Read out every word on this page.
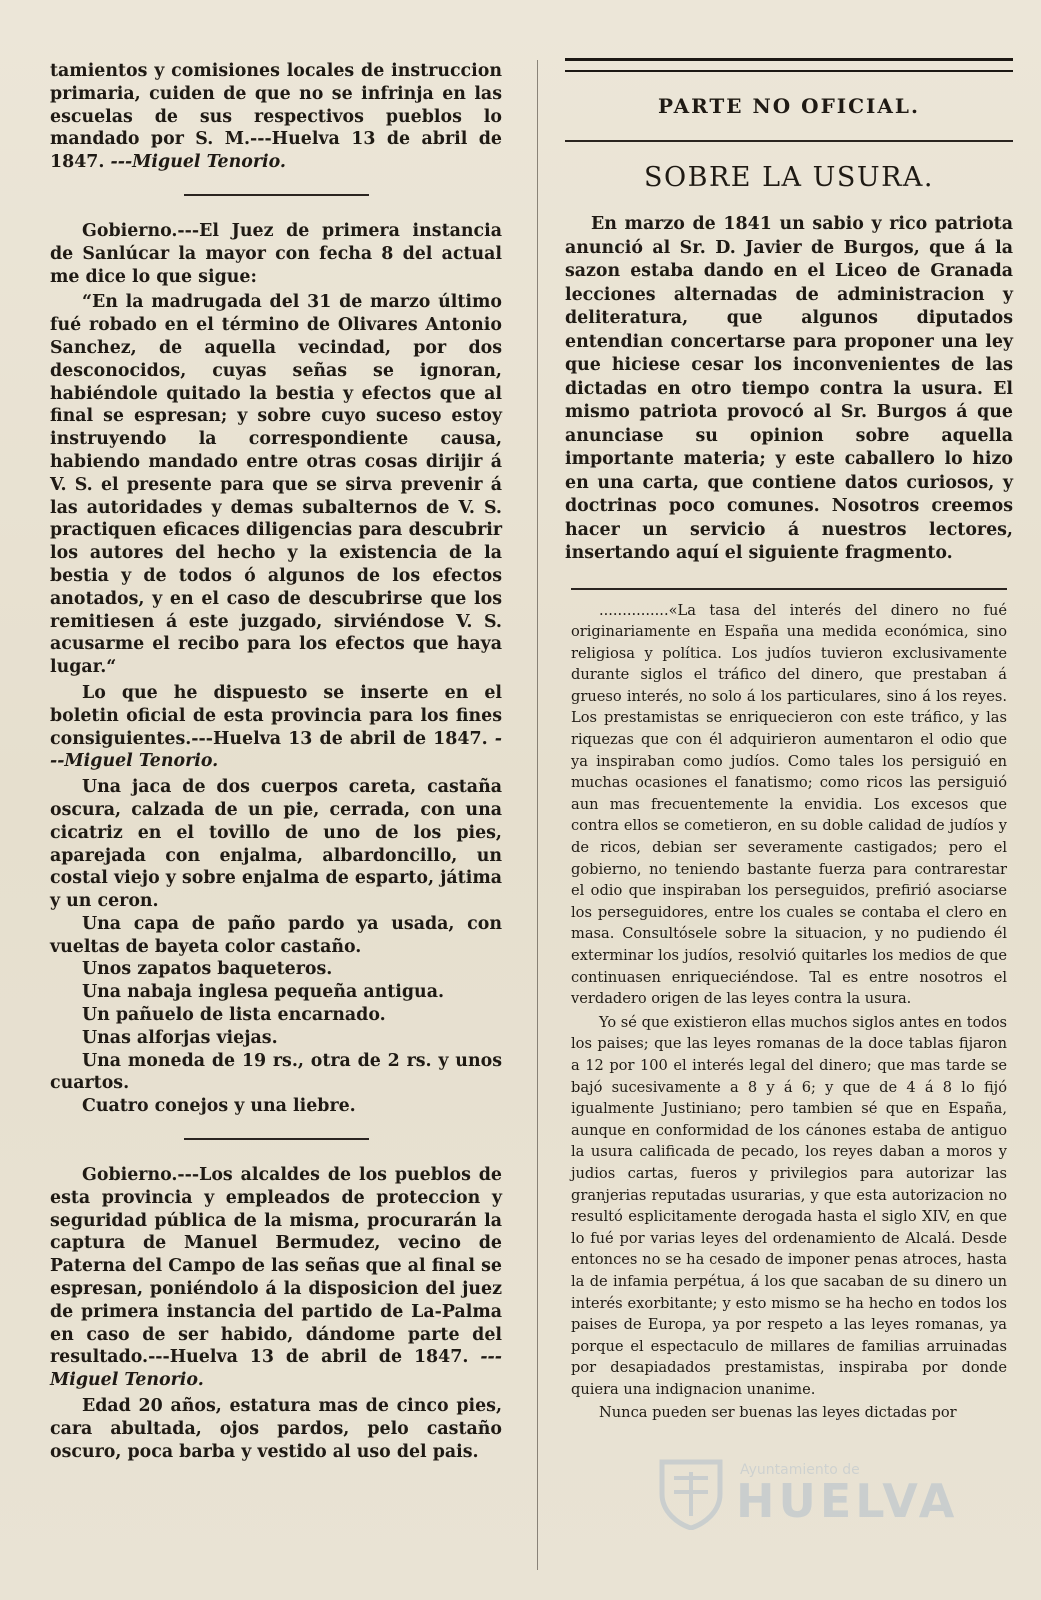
tamientos y comisiones locales de instruccion primaria, cuiden de que no se infrinja en las escuelas de sus respectivos pueblos lo mandado por S. M.---Huelva 13 de abril de 1847. ---Miguel Tenorio.

Gobierno.---El Juez de primera instancia de Sanlúcar la mayor con fecha 8 del actual me dice lo que sigue:

“En la madrugada del 31 de marzo último fué robado en el término de Olivares Antonio Sanchez, de aquella vecindad, por dos desconocidos, cuyas señas se ignoran, habiéndole quitado la bestia y efectos que al final se espresan; y sobre cuyo suceso estoy instruyendo la correspondiente causa, habiendo mandado entre otras cosas dirijir á V. S. el presente para que se sirva prevenir á las autoridades y demas subalternos de V. S. practiquen eficaces diligencias para descubrir los autores del hecho y la existencia de la bestia y de todos ó algunos de los efectos anotados, y en el caso de descubrirse que los remitiesen á este juzgado, sirviéndose V. S. acusarme el recibo para los efectos que haya lugar.“

Lo que he dispuesto se inserte en el boletin oficial de esta provincia para los fines consiguientes.---Huelva 13 de abril de 1847. ---Miguel Tenorio.

Una jaca de dos cuerpos careta, castaña oscura, calzada de un pie, cerrada, con una cicatriz en el tovillo de uno de los pies, aparejada con enjalma, albardoncillo, un costal viejo y sobre enjalma de esparto, játima y un ceron.

Una capa de paño pardo ya usada, con vueltas de bayeta color castaño.

Unos zapatos baqueteros.

Una nabaja inglesa pequeña antigua.

Un pañuelo de lista encarnado.

Unas alforjas viejas.

Una moneda de 19 rs., otra de 2 rs. y unos cuartos.

Cuatro conejos y una liebre.

Gobierno.---Los alcaldes de los pueblos de esta provincia y empleados de proteccion y seguridad pública de la misma, procurarán la captura de Manuel Bermudez, vecino de Paterna del Campo de las señas que al final se espresan, poniéndolo á la disposicion del juez de primera instancia del partido de La-Palma en caso de ser habido, dándome parte del resultado.---Huelva 13 de abril de 1847. ---Miguel Tenorio.

Edad 20 años, estatura mas de cinco pies, cara abultada, ojos pardos, pelo castaño oscuro, poca barba y vestido al uso del pais.

PARTE NO OFICIAL.
SOBRE LA USURA.

En marzo de 1841 un sabio y rico patriota anunció al Sr. D. Javier de Burgos, que á la sazon estaba dando en el Liceo de Granada lecciones alternadas de administracion y deliteratura, que algunos diputados entendian concertarse para proponer una ley que hiciese cesar los inconvenientes de las dictadas en otro tiempo contra la usura. El mismo patriota provocó al Sr. Burgos á que anunciase su opinion sobre aquella importante materia; y este caballero lo hizo en una carta, que contiene datos curiosos, y doctrinas poco comunes. Nosotros creemos hacer un servicio á nuestros lectores, insertando aquí el siguiente fragmento.

...............«La tasa del interés del dinero no fué originariamente en España una medida económica, sino religiosa y política. Los judíos tuvieron exclusivamente durante siglos el tráfico del dinero, que prestaban á grueso interés, no solo á los particulares, sino á los reyes. Los prestamistas se enriquecieron con este tráfico, y las riquezas que con él adquirieron aumentaron el odio que ya inspiraban como judíos. Como tales los persiguió en muchas ocasiones el fanatismo; como ricos las persiguió aun mas frecuentemente la envidia. Los excesos que contra ellos se cometieron, en su doble calidad de judíos y de ricos, debian ser severamente castigados; pero el gobierno, no teniendo bastante fuerza para contrarestar el odio que inspiraban los perseguidos, prefirió asociarse los perseguidores, entre los cuales se contaba el clero en masa. Consultósele sobre la situacion, y no pudiendo él exterminar los judíos, resolvió quitarles los medios de que continuasen enriqueciéndose. Tal es entre nosotros el verdadero origen de las leyes contra la usura.

Yo sé que existieron ellas muchos siglos antes en todos los paises; que las leyes romanas de la doce tablas fijaron a 12 por 100 el interés legal del dinero; que mas tarde se bajó sucesivamente a 8 y á 6; y que de 4 á 8 lo fijó igualmente Justiniano; pero tambien sé que en España, aunque en conformidad de los cánones estaba de antiguo la usura calificada de pecado, los reyes daban a moros y judios cartas, fueros y privilegios para autorizar las granjerias reputadas usurarias, y que esta autorizacion no resultó esplicitamente derogada hasta el siglo XIV, en que lo fué por varias leyes del ordenamiento de Alcalá. Desde entonces no se ha cesado de imponer penas atroces, hasta la de infamia perpétua, á los que sacaban de su dinero un interés exorbitante; y esto mismo se ha hecho en todos los paises de Europa, ya por respeto a las leyes romanas, ya porque el espectaculo de millares de familias arruinadas por desapiadados prestamistas, inspiraba por donde quiera una indignacion unanime.

Nunca pueden ser buenas las leyes dictadas por

Ayuntamiento de
HUELVA
